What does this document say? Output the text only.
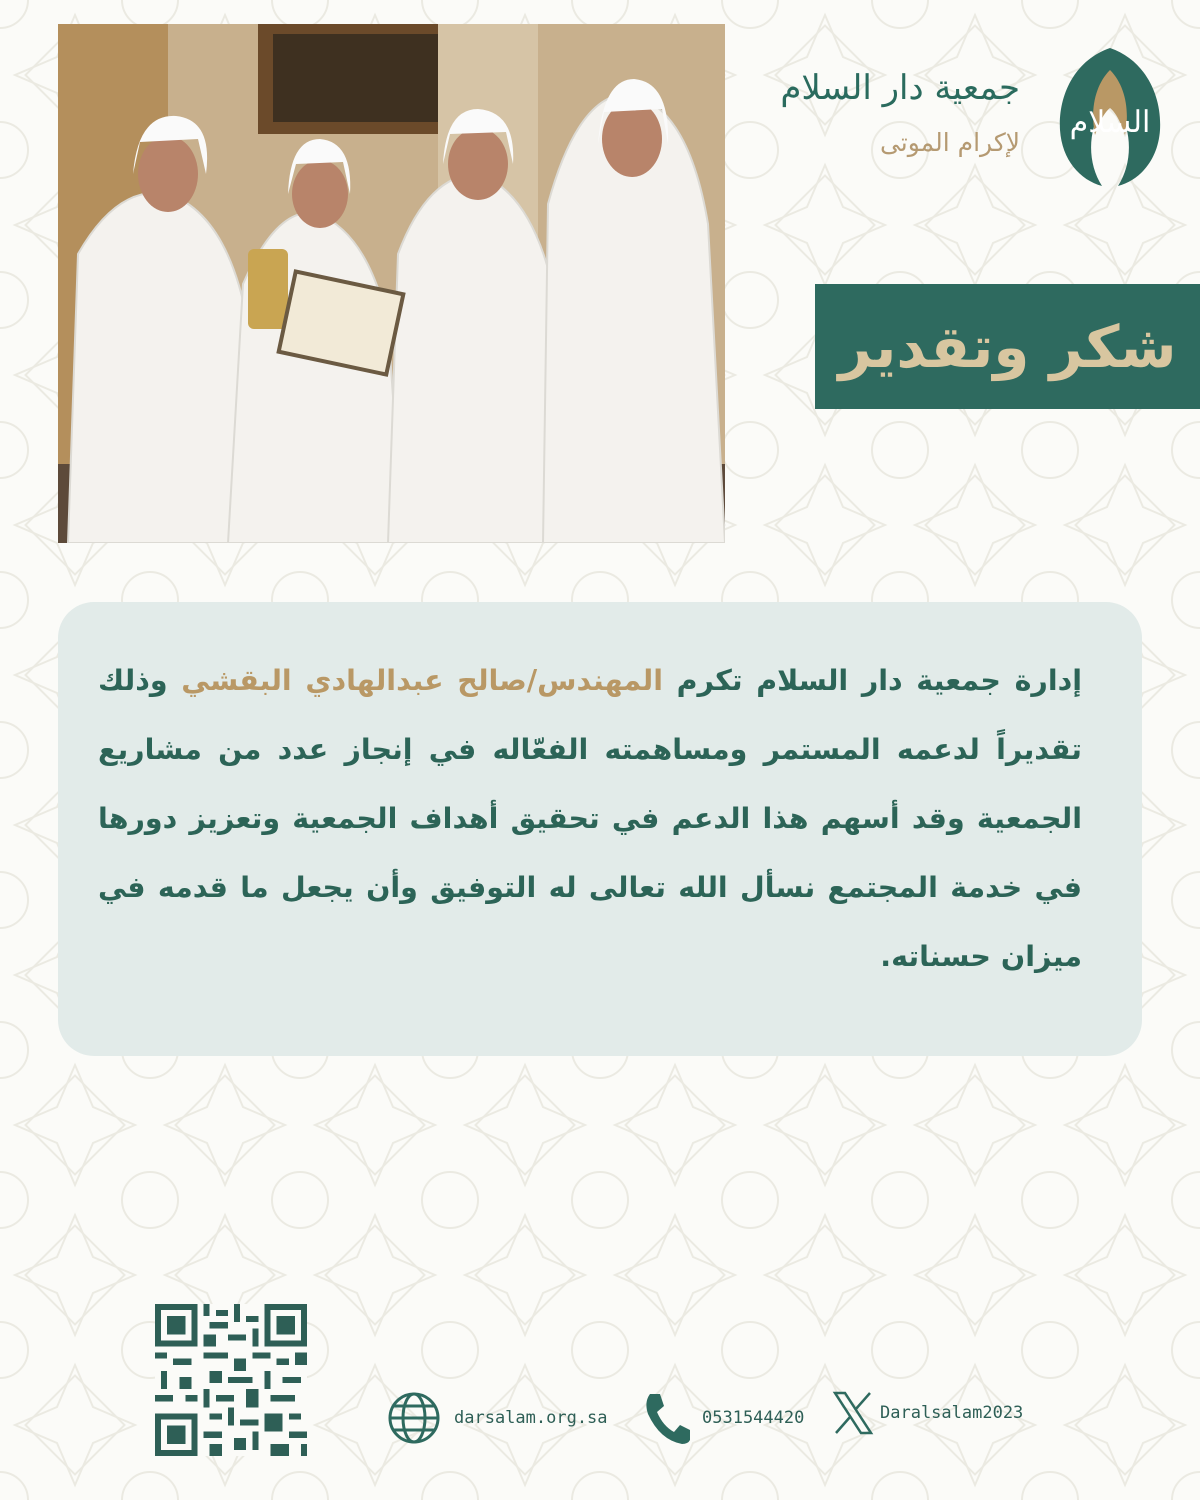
السلام
جمعية دار السلام
لإكرام الموتى
شكر وتقدير

إدارة جمعية دار السلام تكرم المهندس/صالح عبدالهادي البقشي وذلك تقديراً لدعمه المستمر ومساهمته الفعّاله في إنجاز عدد من مشاريع الجمعية وقد أسهم هذا الدعم في تحقيق أهداف الجمعية وتعزيز دورها في خدمة المجتمع نسأل الله تعالى له التوفيق وأن يجعل ما قدمه في ميزان حسناته.

darsalam.org.sa	0531544420	Daralsalam2023
